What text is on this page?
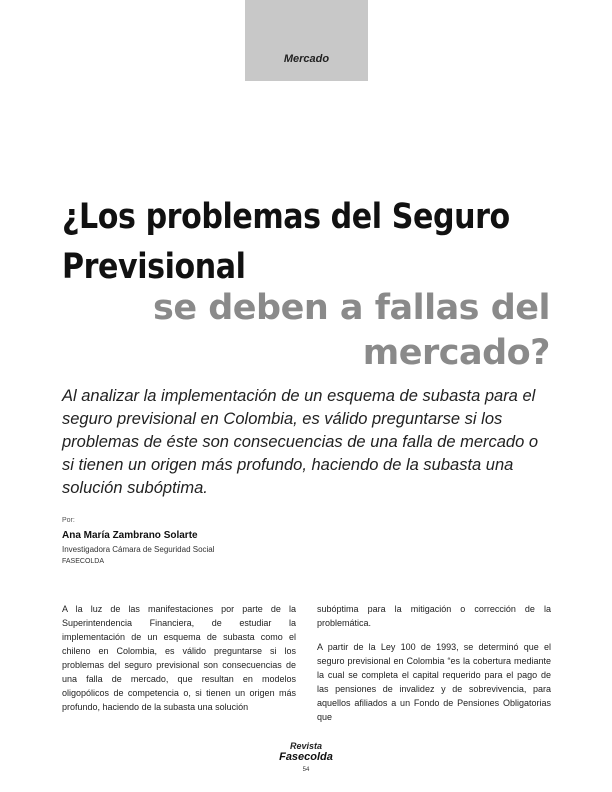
Mercado
¿Los problemas del Seguro
Previsional
se deben a fallas del
mercado?

Al analizar la implementación de un esquema de subasta para el seguro previsional en Colombia, es válido preguntarse si los problemas de éste son consecuencias de una falla de mercado o si tienen un origen más profundo, haciendo de la subasta una solución subóptima.

Por:
Ana María Zambrano Solarte
Investigadora Cámara de Seguridad Social
FASECOLDA

A la luz de las manifestaciones por parte de la Superintendencia Financiera, de estudiar la implementación de un esquema de subasta como el chileno en Colombia, es válido preguntarse si los problemas del seguro previsional son consecuencias de una falla de mercado, que resultan en modelos oligopólicos de competencia o, si tienen un origen más profundo, haciendo de la subasta una solución

subóptima para la mitigación o corrección de la problemática.

A partir de la Ley 100 de 1993, se determinó que el seguro previsional en Colombia “es la cobertura mediante la cual se completa el capital requerido para el pago de las pensiones de invalidez y de sobrevivencia, para aquellos afiliados a un Fondo de Pensiones Obligatorias que

Revista
Fasecolda
54
